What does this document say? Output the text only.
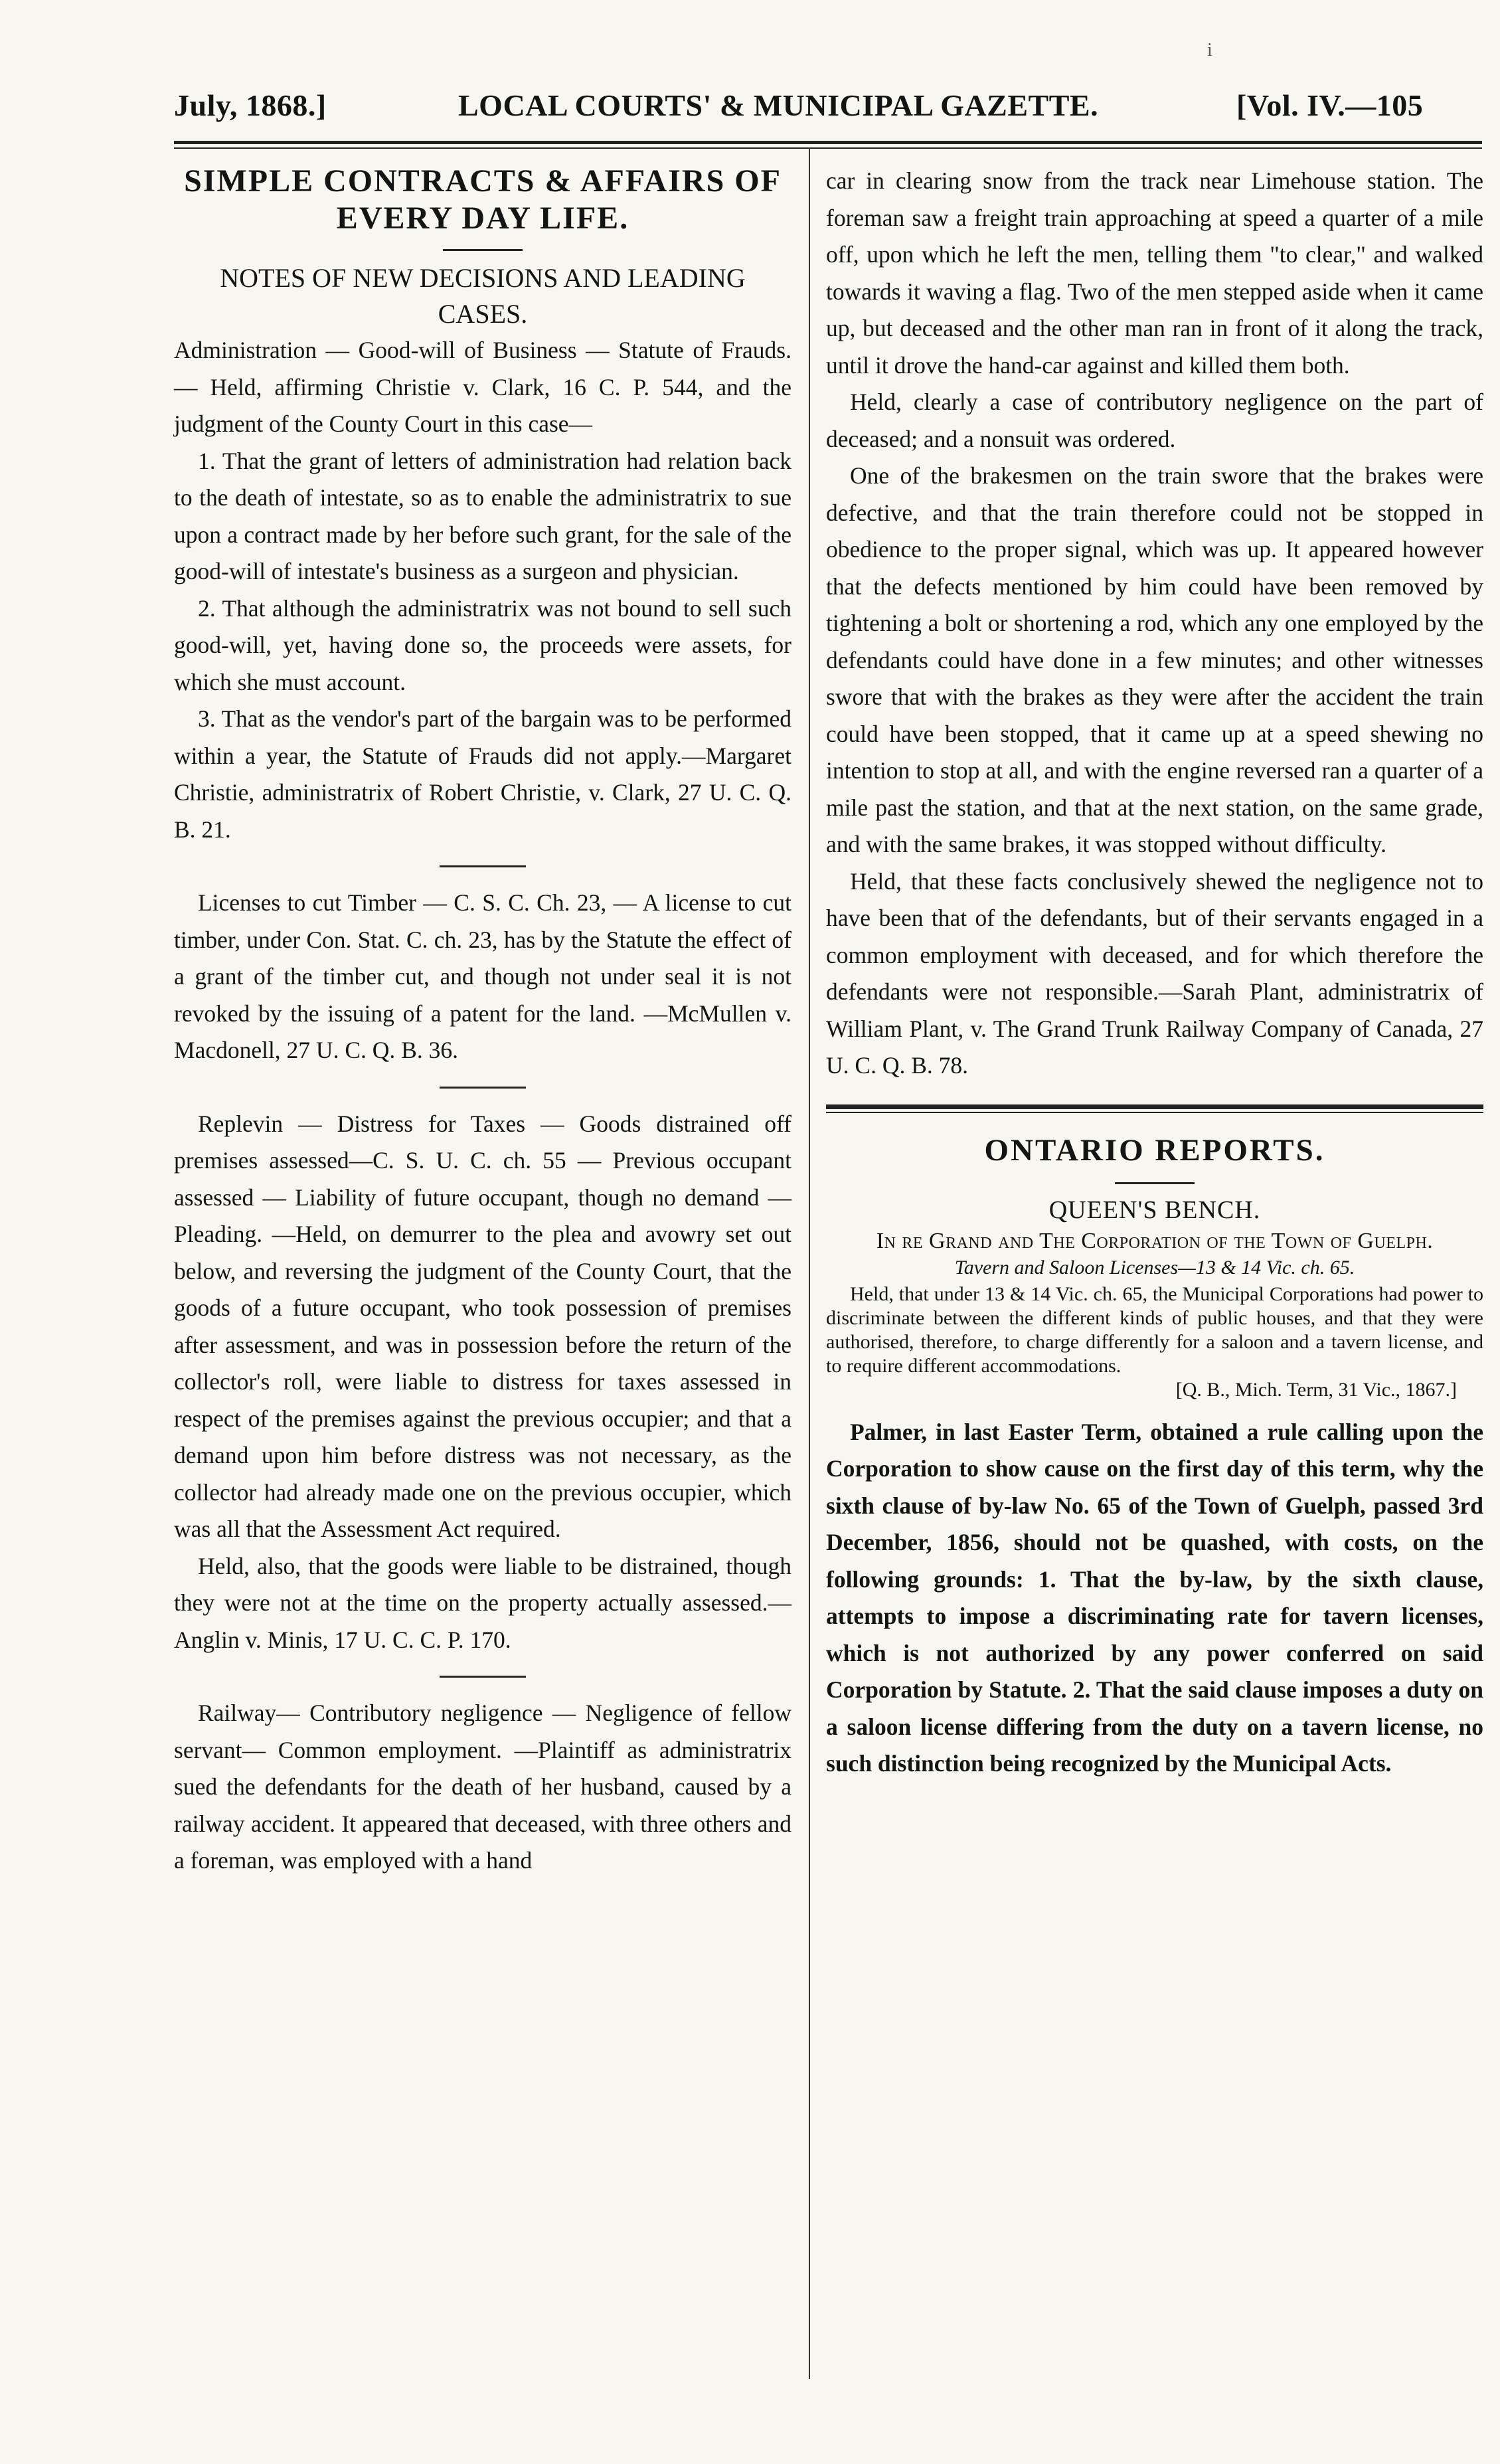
i
July, 1868.]	LOCAL COURTS' & MUNICIPAL GAZETTE.	[Vol. IV.—105

SIMPLE CONTRACTS & AFFAIRS OF EVERY DAY LIFE.

NOTES OF NEW DECISIONS AND LEADING CASES.

Administration — Good-will of Business — Statute of Frauds. — Held, affirming Christie v. Clark, 16 C. P. 544, and the judgment of the County Court in this case—

1. That the grant of letters of administration had relation back to the death of intestate, so as to enable the administratrix to sue upon a contract made by her before such grant, for the sale of the good-will of intestate's business as a surgeon and physician.

2. That although the administratrix was not bound to sell such good-will, yet, having done so, the proceeds were assets, for which she must account.

3. That as the vendor's part of the bargain was to be performed within a year, the Statute of Frauds did not apply.—Margaret Christie, administratrix of Robert Christie, v. Clark, 27 U. C. Q. B. 21.

Licenses to cut Timber — C. S. C. Ch. 23, — A license to cut timber, under Con. Stat. C. ch. 23, has by the Statute the effect of a grant of the timber cut, and though not under seal it is not revoked by the issuing of a patent for the land. —McMullen v. Macdonell, 27 U. C. Q. B. 36.

Replevin — Distress for Taxes — Goods distrained off premises assessed—C. S. U. C. ch. 55 — Previous occupant assessed — Liability of future occupant, though no demand — Pleading. —Held, on demurrer to the plea and avowry set out below, and reversing the judgment of the County Court, that the goods of a future occupant, who took possession of premises after assessment, and was in possession before the return of the collector's roll, were liable to distress for taxes assessed in respect of the premises against the previous occupier; and that a demand upon him before distress was not necessary, as the collector had already made one on the previous occupier, which was all that the Assessment Act required.

Held, also, that the goods were liable to be distrained, though they were not at the time on the property actually assessed.—Anglin v. Minis, 17 U. C. C. P. 170.

Railway— Contributory negligence — Negligence of fellow servant— Common employment. —Plaintiff as administratrix sued the defendants for the death of her husband, caused by a railway accident. It appeared that deceased, with three others and a foreman, was employed with a hand

car in clearing snow from the track near Limehouse station. The foreman saw a freight train approaching at speed a quarter of a mile off, upon which he left the men, telling them "to clear," and walked towards it waving a flag. Two of the men stepped aside when it came up, but deceased and the other man ran in front of it along the track, until it drove the hand-car against and killed them both.

Held, clearly a case of contributory negligence on the part of deceased; and a nonsuit was ordered.

One of the brakesmen on the train swore that the brakes were defective, and that the train therefore could not be stopped in obedience to the proper signal, which was up. It appeared however that the defects mentioned by him could have been removed by tightening a bolt or shortening a rod, which any one employed by the defendants could have done in a few minutes; and other witnesses swore that with the brakes as they were after the accident the train could have been stopped, that it came up at a speed shewing no intention to stop at all, and with the engine reversed ran a quarter of a mile past the station, and that at the next station, on the same grade, and with the same brakes, it was stopped without difficulty.

Held, that these facts conclusively shewed the negligence not to have been that of the defendants, but of their servants engaged in a common employment with deceased, and for which therefore the defendants were not responsible.—Sarah Plant, administratrix of William Plant, v. The Grand Trunk Railway Company of Canada, 27 U. C. Q. B. 78.

ONTARIO REPORTS.

QUEEN'S BENCH.

In re Grand and The Corporation of the Town of Guelph.

Tavern and Saloon Licenses—13 & 14 Vic. ch. 65.

Held, that under 13 & 14 Vic. ch. 65, the Municipal Corporations had power to discriminate between the different kinds of public houses, and that they were authorised, therefore, to charge differently for a saloon and a tavern license, and to require different accommodations.

[Q. B., Mich. Term, 31 Vic., 1867.]

Palmer, in last Easter Term, obtained a rule calling upon the Corporation to show cause on the first day of this term, why the sixth clause of by-law No. 65 of the Town of Guelph, passed 3rd December, 1856, should not be quashed, with costs, on the following grounds: 1. That the by-law, by the sixth clause, attempts to impose a discriminating rate for tavern licenses, which is not authorized by any power conferred on said Corporation by Statute. 2. That the said clause imposes a duty on a saloon license differing from the duty on a tavern license, no such distinction being recognized by the Municipal Acts.
